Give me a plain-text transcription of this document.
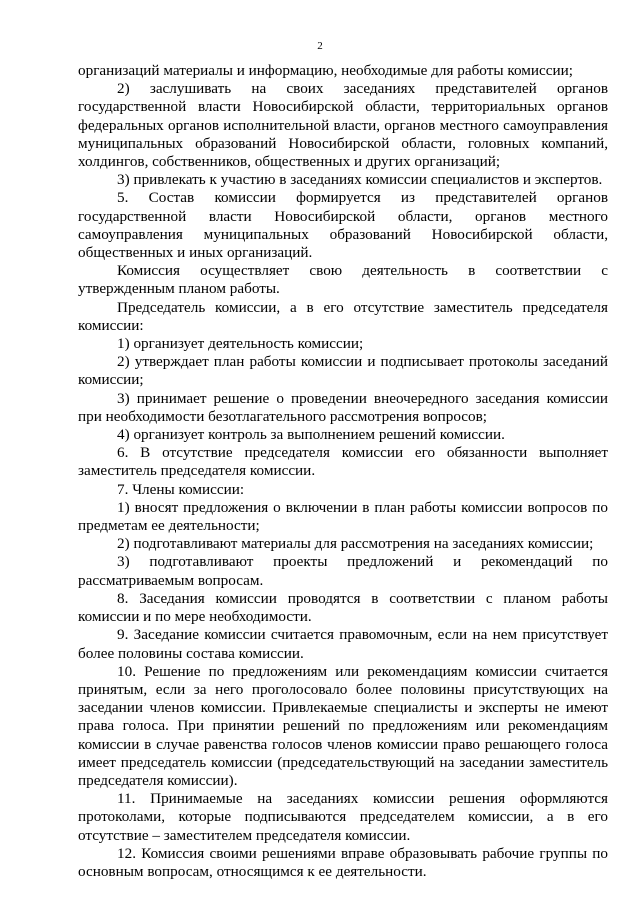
2

организаций материалы и информацию, необходимые для работы комиссии;

2) заслушивать на своих заседаниях представителей органов государственной власти Новосибирской области, территориальных органов федеральных органов исполнительной власти, органов местного самоуправления муниципальных образований Новосибирской области, головных компаний, холдингов, собственников, общественных и других организаций;

3) привлекать к участию в заседаниях комиссии специалистов и экспертов.

5. Состав комиссии формируется из представителей органов государственной власти Новосибирской области, органов местного самоуправления муниципальных образований Новосибирской области, общественных и иных организаций.

Комиссия осуществляет свою деятельность в соответствии с утвержденным планом работы.

Председатель комиссии, а в его отсутствие заместитель председателя комиссии:

1) организует деятельность комиссии;

2) утверждает план работы комиссии и подписывает протоколы заседаний комиссии;

3) принимает решение о проведении внеочередного заседания комиссии при необходимости безотлагательного рассмотрения вопросов;

4) организует контроль за выполнением решений комиссии.

6. В отсутствие председателя комиссии его обязанности выполняет заместитель председателя комиссии.

7. Члены комиссии:

1) вносят предложения о включении в план работы комиссии вопросов по предметам ее деятельности;

2) подготавливают материалы для рассмотрения на заседаниях комиссии;

3) подготавливают проекты предложений и рекомендаций по рассматриваемым вопросам.

8. Заседания комиссии проводятся в соответствии с планом работы комиссии и по мере необходимости.

9. Заседание комиссии считается правомочным, если на нем присутствует более половины состава комиссии.

10. Решение по предложениям или рекомендациям комиссии считается принятым, если за него проголосовало более половины присутствующих на заседании членов комиссии. Привлекаемые специалисты и эксперты не имеют права голоса. При принятии решений по предложениям или рекомендациям комиссии в случае равенства голосов членов комиссии право решающего голоса имеет председатель комиссии (председательствующий на заседании заместитель председателя комиссии).

11. Принимаемые на заседаниях комиссии решения оформляются протоколами, которые подписываются председателем комиссии, а в его отсутствие – заместителем председателя комиссии.

12. Комиссия своими решениями вправе образовывать рабочие группы по основным вопросам, относящимся к ее деятельности.
